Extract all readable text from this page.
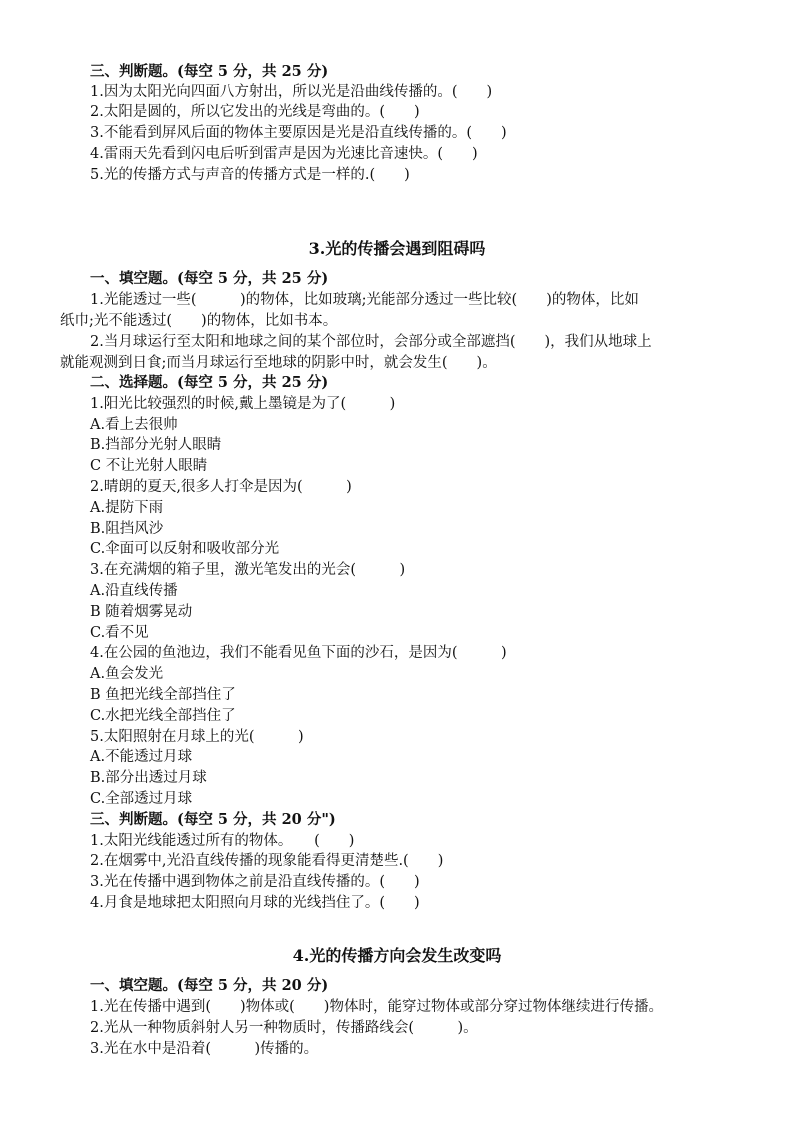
三、判断题。(每空 5 分，共 25 分)
1.因为太阳光向四面八方射出，所以光是沿曲线传播的。(　　)
2.太阳是圆的，所以它发出的光线是弯曲的。(　　)
3.不能看到屏风后面的物体主要原因是光是沿直线传播的。(　　)
4.雷雨天先看到闪电后听到雷声是因为光速比音速快。(　　)
5.光的传播方式与声音的传播方式是一样的.(　　)
3.光的传播会遇到阻碍吗
一、填空题。(每空 5 分，共 25 分)
1.光能透过一些(　　　)的物体，比如玻璃;光能部分透过一些比较(　　)的物体，比如
纸巾;光不能透过(　　)的物体，比如书本。
2.当月球运行至太阳和地球之间的某个部位时，会部分或全部遮挡(　　)，我们从地球上
就能观测到日食;而当月球运行至地球的阴影中时，就会发生(　　)。
二、选择题。(每空 5 分，共 25 分)
1.阳光比较强烈的时候,戴上墨镜是为了(　　　)
A.看上去很帅
B.挡部分光射人眼睛
C 不让光射人眼睛
2.晴朗的夏天,很多人打伞是因为(　　　)
A.提防下雨
B.阻挡风沙
C.伞面可以反射和吸收部分光
3.在充满烟的箱子里，激光笔发出的光会(　　　)
A.沿直线传播
B 随着烟雾晃动
C.看不见
4.在公园的鱼池边，我们不能看见鱼下面的沙石，是因为(　　　)
A.鱼会发光
B 鱼把光线全部挡住了
C.水把光线全部挡住了
5.太阳照射在月球上的光(　　　)
A.不能透过月球
B.部分出透过月球
C.全部透过月球
三、判断题。(每空 5 分，共 20 分")
1.太阳光线能透过所有的物体。　　(　　)
2.在烟雾中,光沿直线传播的现象能看得更清楚些.(　　)
3.光在传播中遇到物体之前是沿直线传播的。(　　)
4.月食是地球把太阳照向月球的光线挡住了。(　　)
4.光的传播方向会发生改变吗
一、填空题。(每空 5 分，共 20 分)
1.光在传播中遇到(　　)物体或(　　)物体时，能穿过物体或部分穿过物体继续进行传播。
2.光从一种物质斜射人另一种物质时，传播路线会(　　　)。
3.光在水中是沿着(　　　)传播的。
